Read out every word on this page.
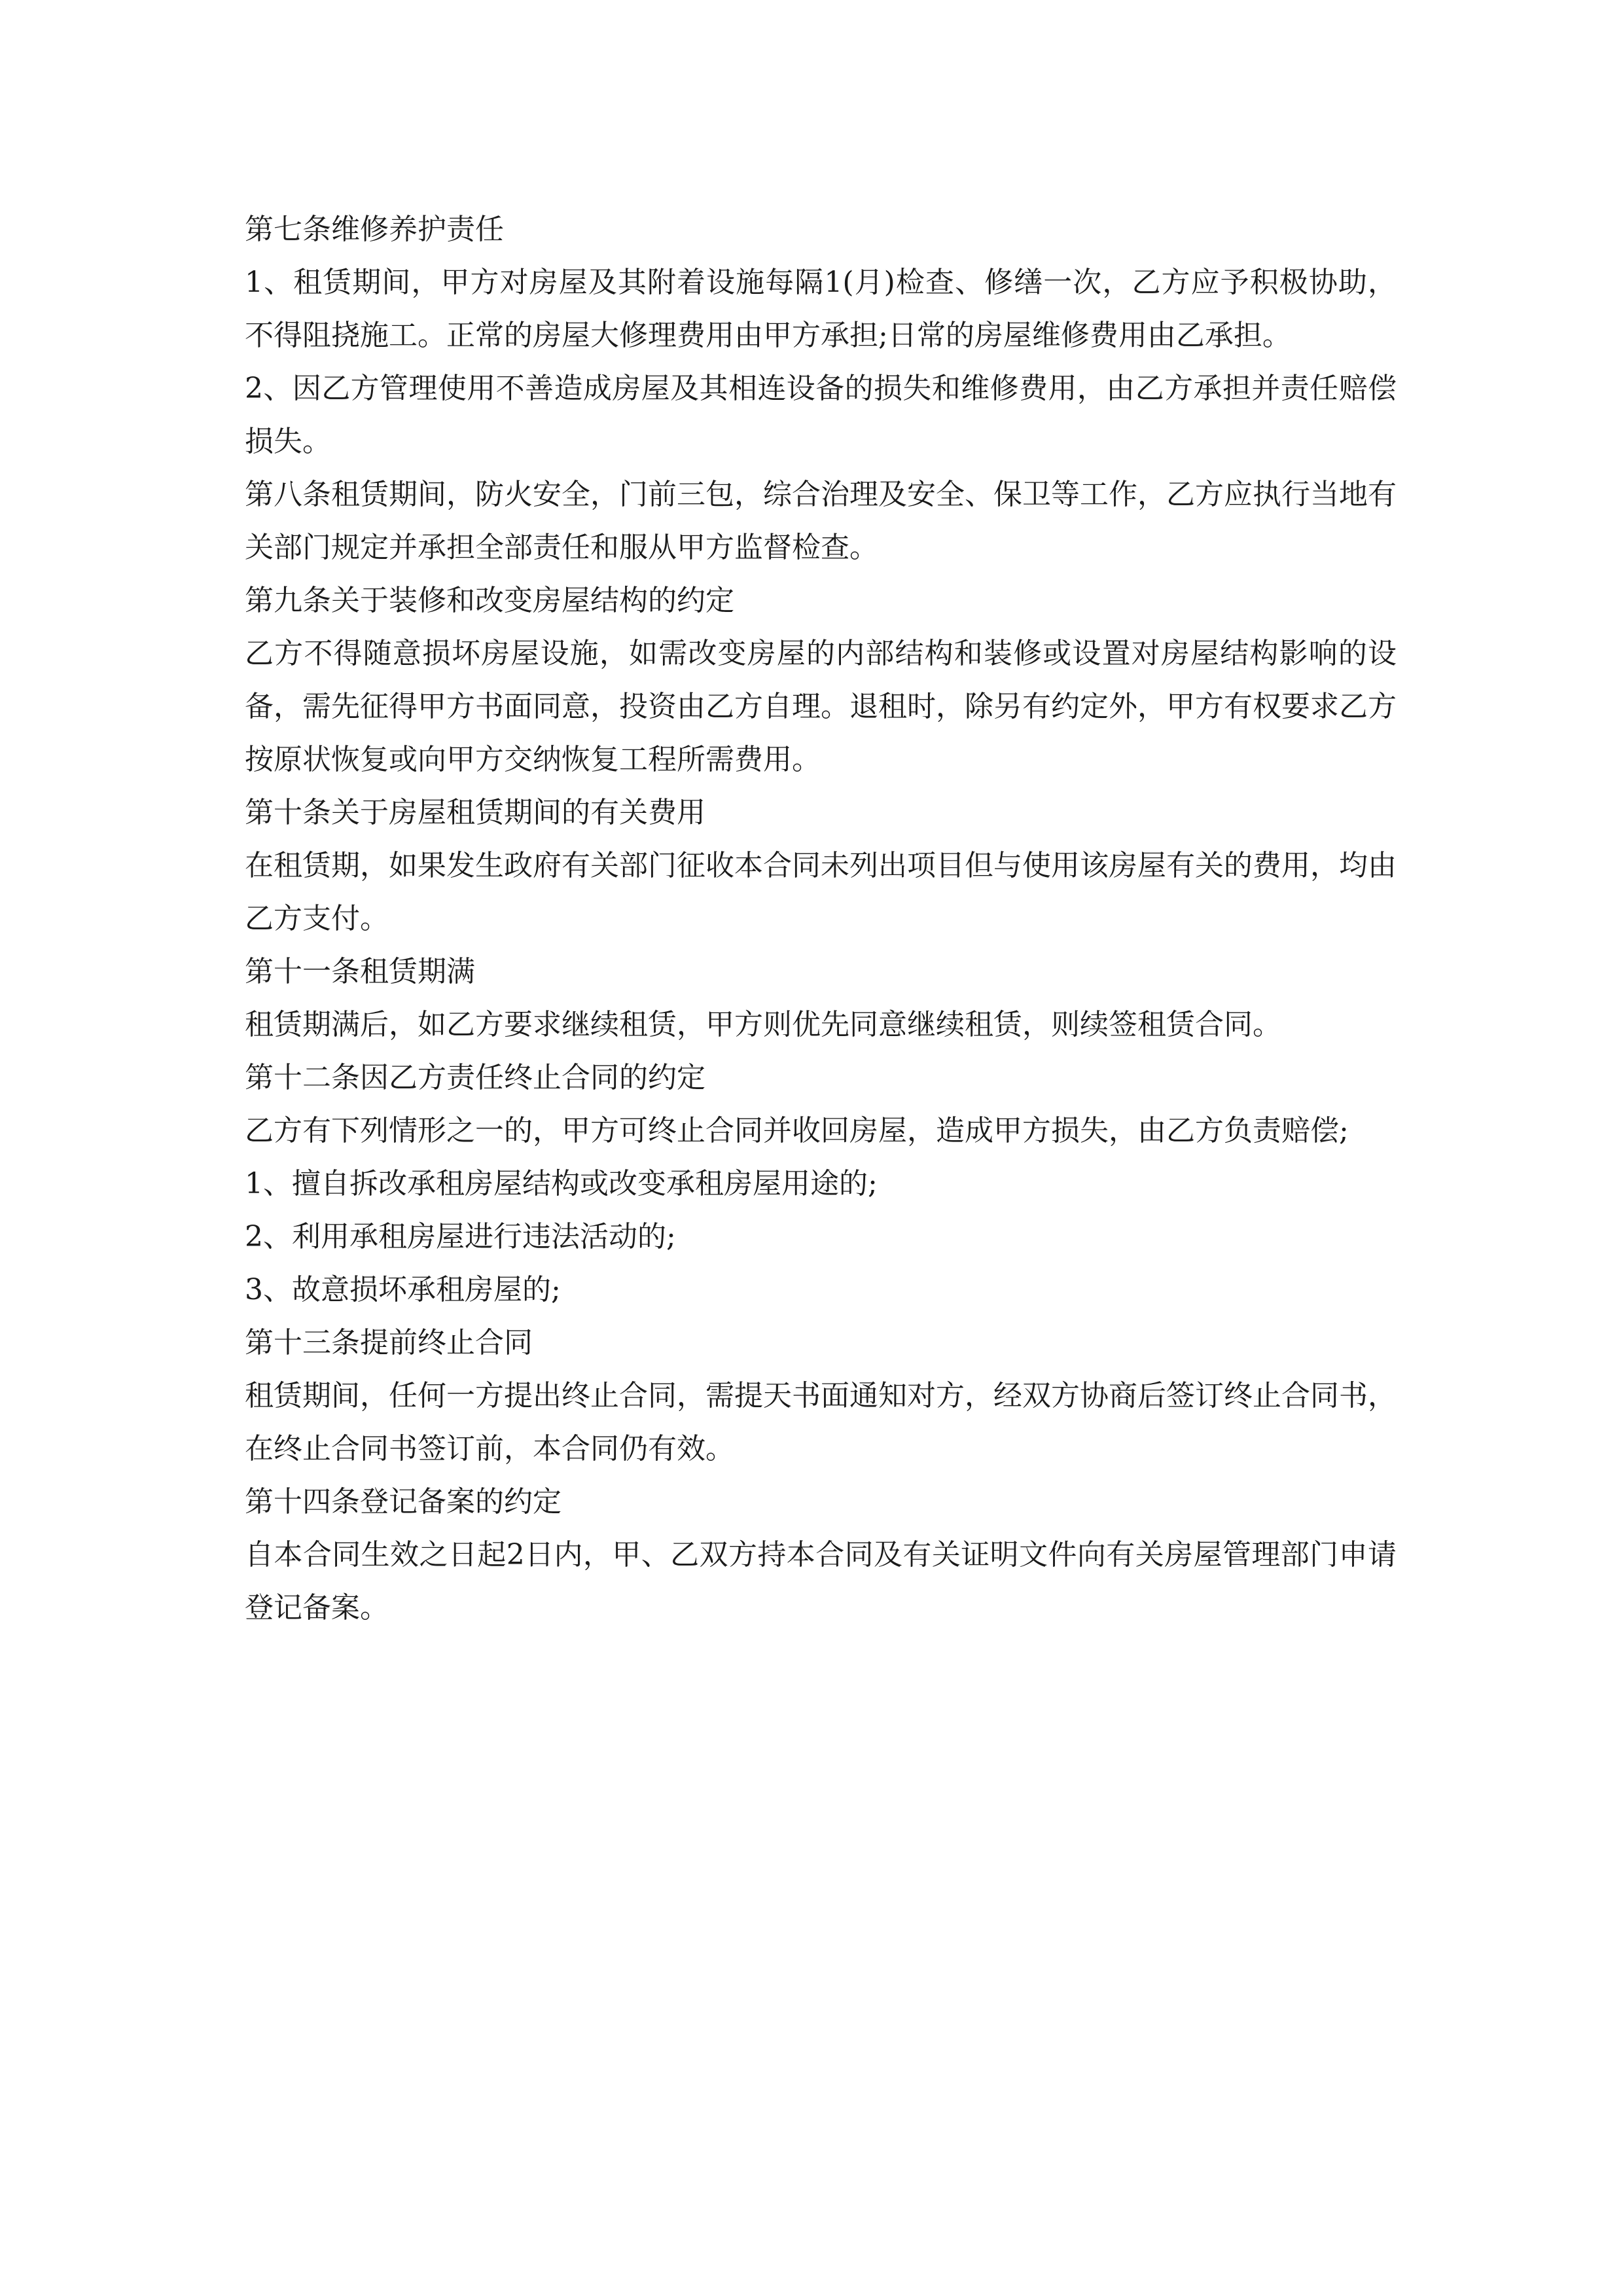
第七条维修养护责任

1、租赁期间，甲方对房屋及其附着设施每隔1(月)检查、修缮一次，乙方应予积极协助，不得阻挠施工。正常的房屋大修理费用由甲方承担;日常的房屋维修费用由乙承担。

2、因乙方管理使用不善造成房屋及其相连设备的损失和维修费用，由乙方承担并责任赔偿损失。

第八条租赁期间，防火安全，门前三包，综合治理及安全、保卫等工作，乙方应执行当地有关部门规定并承担全部责任和服从甲方监督检查。

第九条关于装修和改变房屋结构的约定

乙方不得随意损坏房屋设施，如需改变房屋的内部结构和装修或设置对房屋结构影响的设备，需先征得甲方书面同意，投资由乙方自理。退租时，除另有约定外，甲方有权要求乙方按原状恢复或向甲方交纳恢复工程所需费用。

第十条关于房屋租赁期间的有关费用

在租赁期，如果发生政府有关部门征收本合同未列出项目但与使用该房屋有关的费用，均由乙方支付。

第十一条租赁期满

租赁期满后，如乙方要求继续租赁，甲方则优先同意继续租赁，则续签租赁合同。

第十二条因乙方责任终止合同的约定

乙方有下列情形之一的，甲方可终止合同并收回房屋，造成甲方损失，由乙方负责赔偿;

1、擅自拆改承租房屋结构或改变承租房屋用途的;

2、利用承租房屋进行违法活动的;

3、故意损坏承租房屋的;

第十三条提前终止合同

租赁期间，任何一方提出终止合同，需提天书面通知对方，经双方协商后签订终止合同书，在终止合同书签订前，本合同仍有效。

第十四条登记备案的约定

自本合同生效之日起2日内，甲、乙双方持本合同及有关证明文件向有关房屋管理部门申请登记备案。
